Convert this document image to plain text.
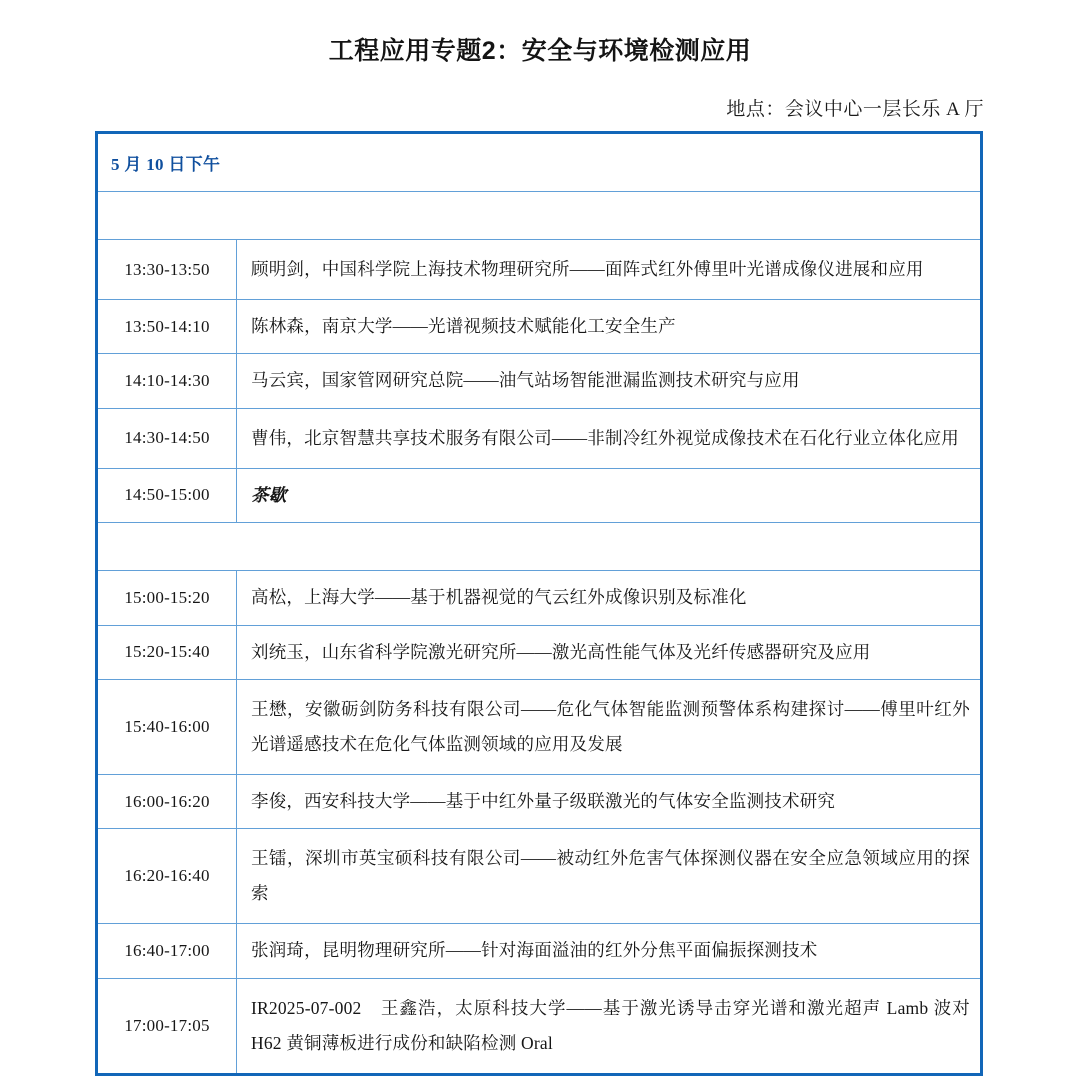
工程应用专题2：安全与环境检测应用
地点：会议中心一层长乐 A 厅
5 月 10 日下午	
Session1：安全与环境检测应用 I，主持人：肖安山	
13:30-13:50	顾明剑，中国科学院上海技术物理研究所——面阵式红外傅里叶光谱成像仪进展和应用
13:50-14:10	陈林森，南京大学——光谱视频技术赋能化工安全生产
14:10-14:30	马云宾，国家管网研究总院——油气站场智能泄漏监测技术研究与应用
14:30-14:50	曹伟，北京智慧共享技术服务有限公司——非制冷红外视觉成像技术在石化行业立体化应用
14:50-15:00	茶歇
Session2：安全与环境检测应用 II，主持人：张若岚	
15:00-15:20	高松，上海大学——基于机器视觉的气云红外成像识别及标准化
15:20-15:40	刘统玉，山东省科学院激光研究所——激光高性能气体及光纤传感器研究及应用
15:40-16:00	王懋，安徽砺剑防务科技有限公司——危化气体智能监测预警体系构建探讨——傅里叶红外光谱遥感技术在危化气体监测领域的应用及发展
16:00-16:20	李俊，西安科技大学——基于中红外量子级联激光的气体安全监测技术研究
16:20-16:40	王镭，深圳市英宝硕科技有限公司——被动红外危害气体探测仪器在安全应急领域应用的探索
16:40-17:00	张润琦，昆明物理研究所——针对海面溢油的红外分焦平面偏振探测技术
17:00-17:05	IR2025-07-002　王鑫浩，太原科技大学——基于激光诱导击穿光谱和激光超声 Lamb 波对 H62 黄铜薄板进行成份和缺陷检测 Oral
